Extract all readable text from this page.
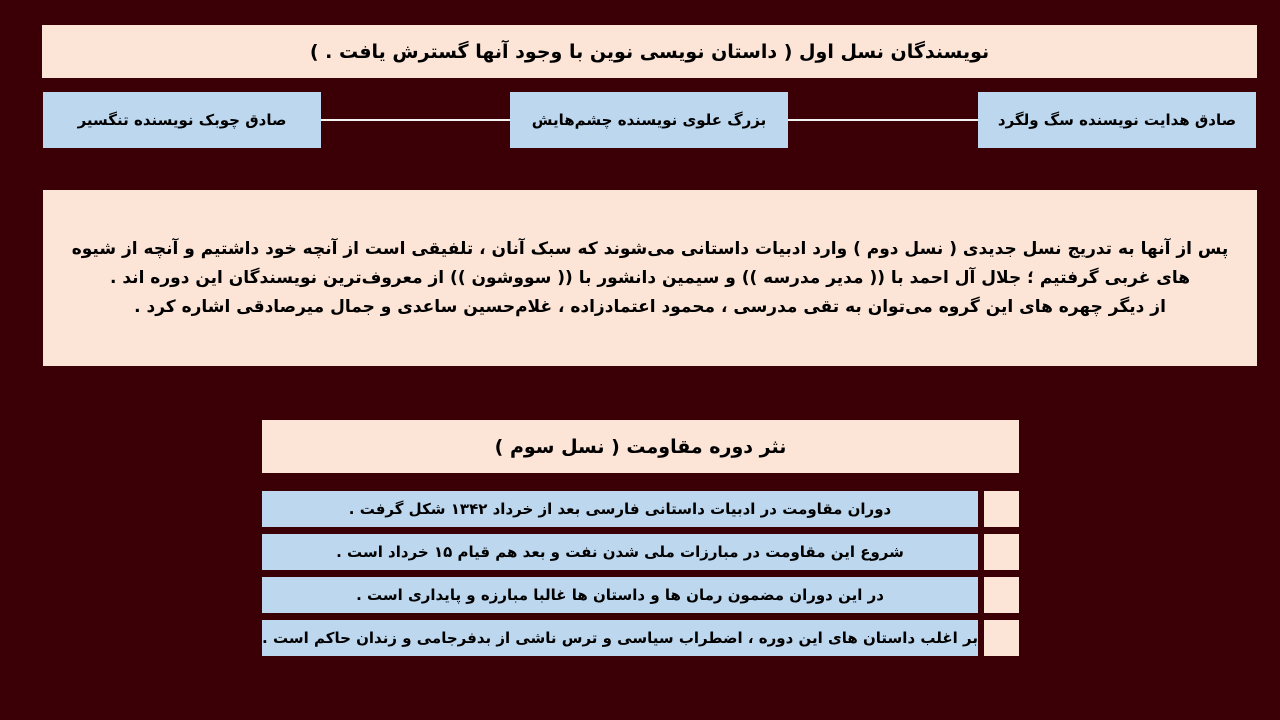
نویسندگان نسل اول ( داستان نویسی نوین با وجود آنها گسترش یافت . )
صادق هدایت نویسنده سگ ولگرد
بزرگ علوی نویسنده چشم‌هایش
صادق چوبک نویسنده تنگسیر

پس از آنها به تدریج نسل جدیدی ( نسل دوم ) وارد ادبیات داستانی می‌شوند که سبک آنان ، تلفیقی است از آنچه خود داشتیم و آنچه از شیوه های غربی گرفتیم ؛ جلال آل احمد با (( مدیر مدرسه )) و سیمین دانشور با (( سووشون )) از معروف‌ترین نویسندگان این دوره اند .

از دیگر چهره های این گروه می‌توان به تقی مدرسی ، محمود اعتمادزاده ، غلام‌حسین ساعدی و جمال میرصادقی اشاره کرد .

نثر دوره مقاومت ( نسل سوم )
دوران مقاومت در ادبیات داستانی فارسی بعد از خرداد ۱۳۴۲ شکل گرفت .
شروع این مقاومت در مبارزات ملی شدن نفت و بعد هم قیام ۱۵ خرداد است .
در این دوران مضمون رمان ها و داستان ها غالبا مبارزه و پایداری است .
بر اغلب داستان های این دوره ، اضطراب سیاسی و ترس ناشی از بدفرجامی و زندان حاکم است .
